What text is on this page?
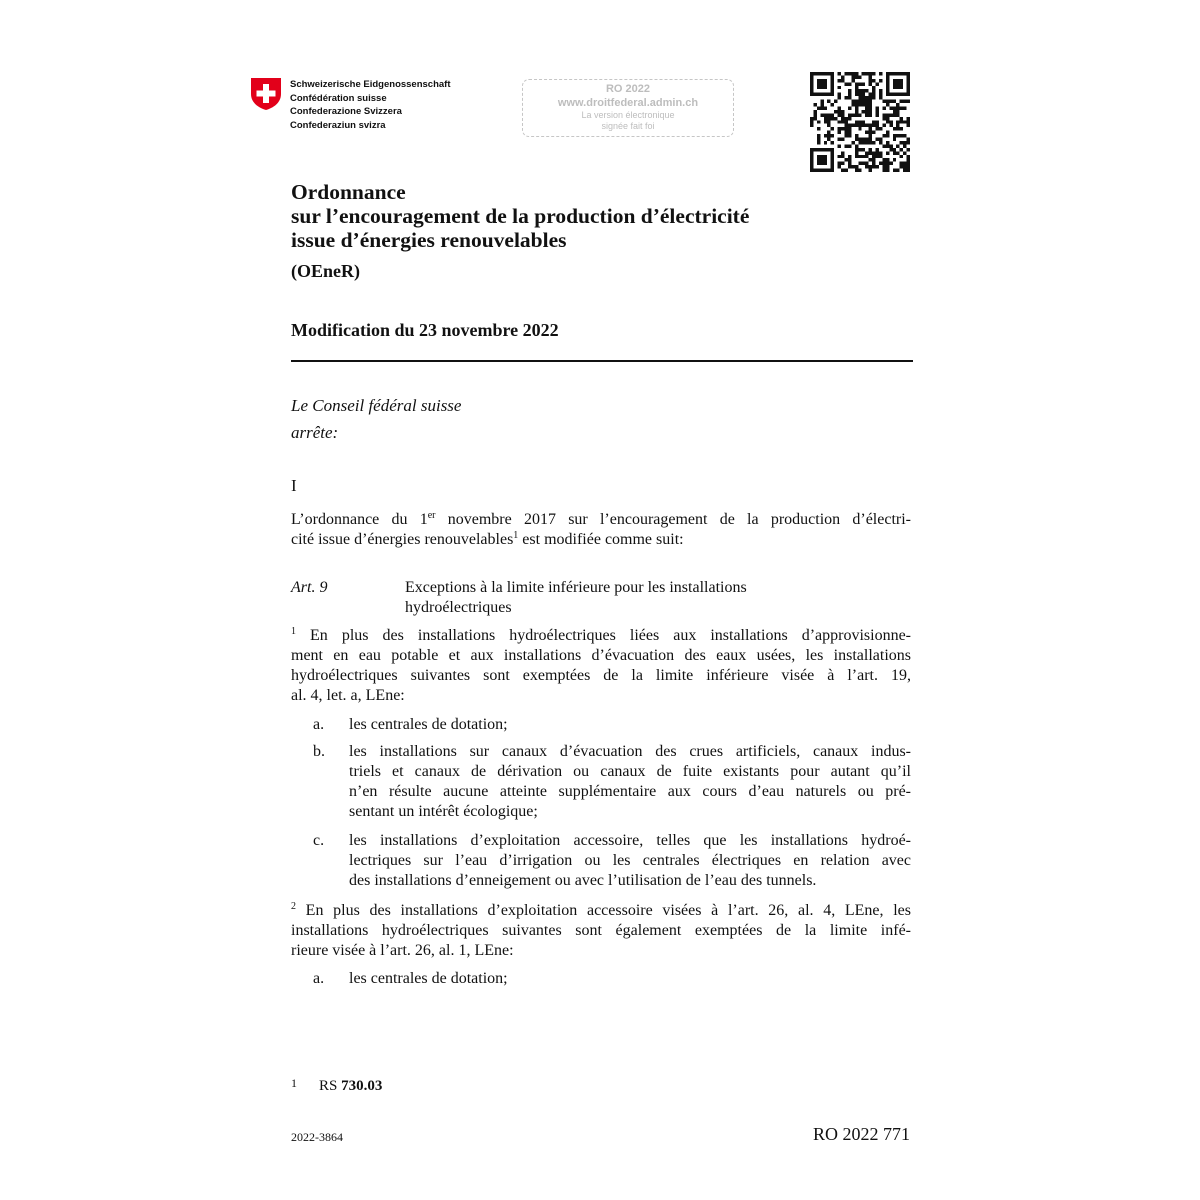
Schweizerische Eidgenossenschaft
Confédération suisse
Confederazione Svizzera
Confederaziun svizra
RO 2022
www.droitfederal.admin.ch
La version électronique
signée fait foi
Ordonnance
sur l’encouragement de la production d’électricité
issue d’énergies renouvelables
(OEneR)
Modification du 23 novembre 2022
Le Conseil fédéral suisse
arrête:
I
L’ordonnance du 1er novembre 2017 sur l’encouragement de la production d’électri-
cité issue d’énergies renouvelables$^1$ est modifiée comme suit:
Art. 9	Exceptions à la limite inférieure pour les installations
hydroélectriques
$^1$ En plus des installations hydroélectriques liées aux installations d’approvisionne-
ment en eau potable et aux installations d’évacuation des eaux usées, les installations
hydroélectriques suivantes sont exemptées de la limite inférieure visée à l’art. 19,
al. 4, let. a, LEne:
a. les centrales de dotation;
b. les installations sur canaux d’évacuation des crues artificiels, canaux indus-
triels et canaux de dérivation ou canaux de fuite existants pour autant qu’il
n’en résulte aucune atteinte supplémentaire aux cours d’eau naturels ou pré-
sentant un intérêt écologique;
c. les installations d’exploitation accessoire, telles que les installations hydroé-
lectriques sur l’eau d’irrigation ou les centrales électriques en relation avec
des installations d’enneigement ou avec l’utilisation de l’eau des tunnels.
$^2$ En plus des installations d’exploitation accessoire visées à l’art. 26, al. 4, LEne, les
installations hydroélectriques suivantes sont également exemptées de la limite infé-
rieure visée à l’art. 26, al. 1, LEne:
a. les centrales de dotation;
$^1$ RS 730.03
2022-3864	RO 2022 771
